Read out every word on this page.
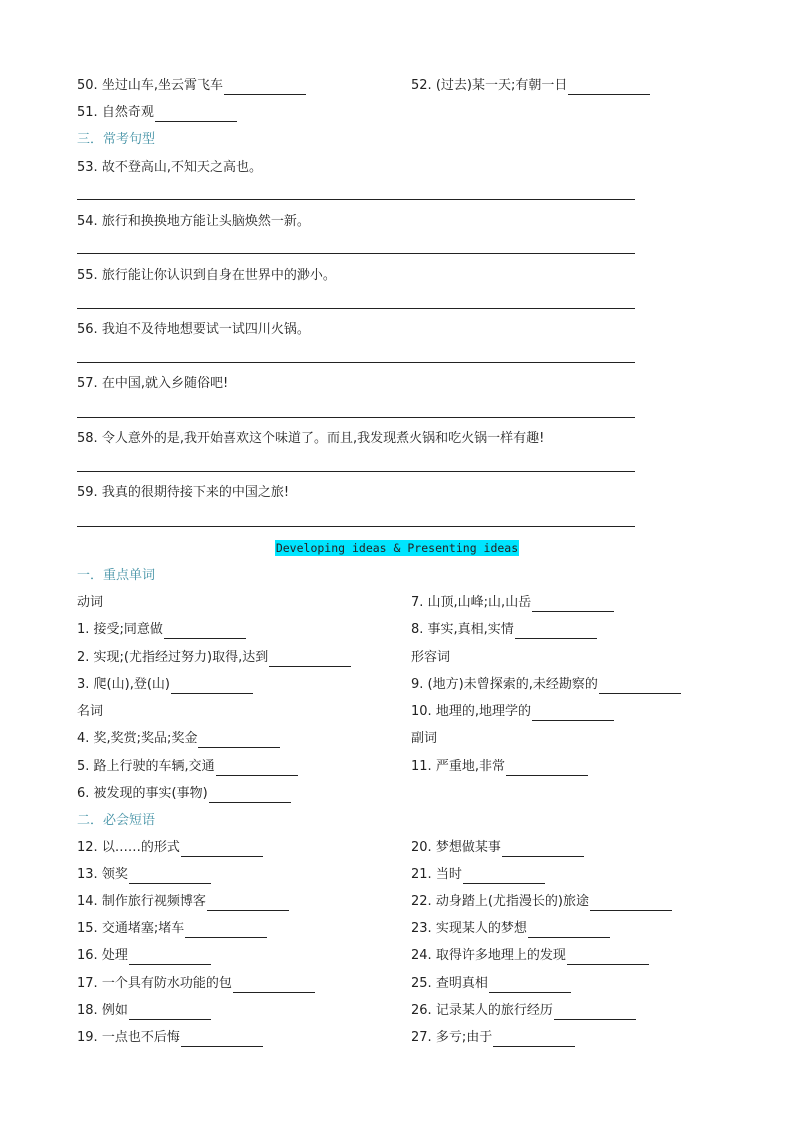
50. 坐过山车,坐云霄飞车	52. (过去)某一天;有朝一日
51. 自然奇观
三．常考句型
53. 故不登高山,不知天之高也。
54. 旅行和换换地方能让头脑焕然一新。
55. 旅行能让你认识到自身在世界中的渺小。
56. 我迫不及待地想要试一试四川火锅。
57. 在中国,就入乡随俗吧!
58. 令人意外的是,我开始喜欢这个味道了。而且,我发现煮火锅和吃火锅一样有趣!
59. 我真的很期待接下来的中国之旅!
Developing ideas & Presenting ideas
一．重点单词
动词
1. 接受;同意做
2. 实现;(尤指经过努力)取得,达到
3. 爬(山),登(山)
名词
4. 奖,奖赏;奖品;奖金
5. 路上行驶的车辆,交通
6. 被发现的事实(事物)
7. 山顶,山峰;山,山岳
8. 事实,真相,实情
形容词
9. (地方)未曾探索的,未经勘察的
10. 地理的,地理学的
副词
11. 严重地,非常
二．必会短语
12. 以……的形式
13. 领奖
14. 制作旅行视频博客
15. 交通堵塞;堵车
16. 处理
17. 一个具有防水功能的包
18. 例如
19. 一点也不后悔
20. 梦想做某事
21. 当时
22. 动身踏上(尤指漫长的)旅途
23. 实现某人的梦想
24. 取得许多地理上的发现
25. 查明真相
26. 记录某人的旅行经历
27. 多亏;由于
